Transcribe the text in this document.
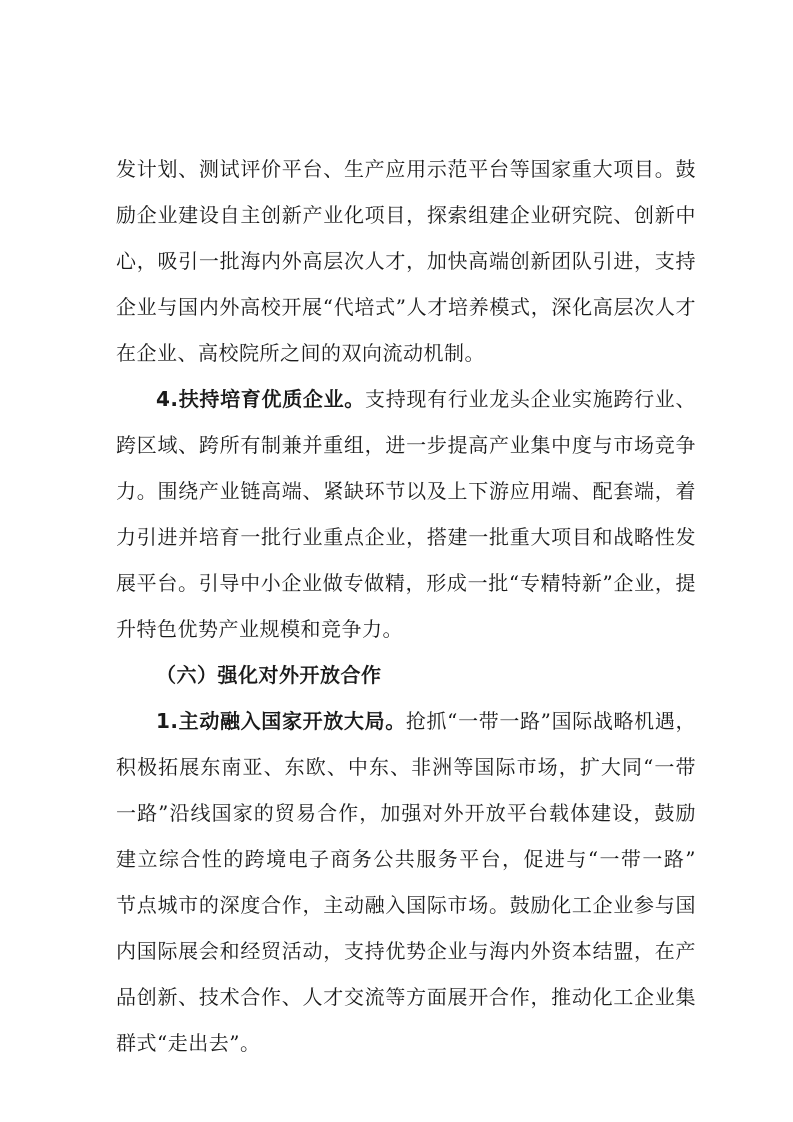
发计划、测试评价平台、生产应用示范平台等国家重大项目。鼓
励企业建设自主创新产业化项目，探索组建企业研究院、创新中
心，吸引一批海内外高层次人才，加快高端创新团队引进，支持
企业与国内外高校开展“代培式”人才培养模式，深化高层次人才
在企业、高校院所之间的双向流动机制。
4.扶持培育优质企业。支持现有行业龙头企业实施跨行业、
跨区域、跨所有制兼并重组，进一步提高产业集中度与市场竞争
力。围绕产业链高端、紧缺环节以及上下游应用端、配套端，着
力引进并培育一批行业重点企业，搭建一批重大项目和战略性发
展平台。引导中小企业做专做精，形成一批“专精特新”企业，提
升特色优势产业规模和竞争力。
（六）强化对外开放合作
1.主动融入国家开放大局。抢抓“一带一路”国际战略机遇，
积极拓展东南亚、东欧、中东、非洲等国际市场，扩大同“一带
一路”沿线国家的贸易合作，加强对外开放平台载体建设，鼓励
建立综合性的跨境电子商务公共服务平台，促进与“一带一路”
节点城市的深度合作，主动融入国际市场。鼓励化工企业参与国
内国际展会和经贸活动，支持优势企业与海内外资本结盟，在产
品创新、技术合作、人才交流等方面展开合作，推动化工企业集
群式“走出去”。
